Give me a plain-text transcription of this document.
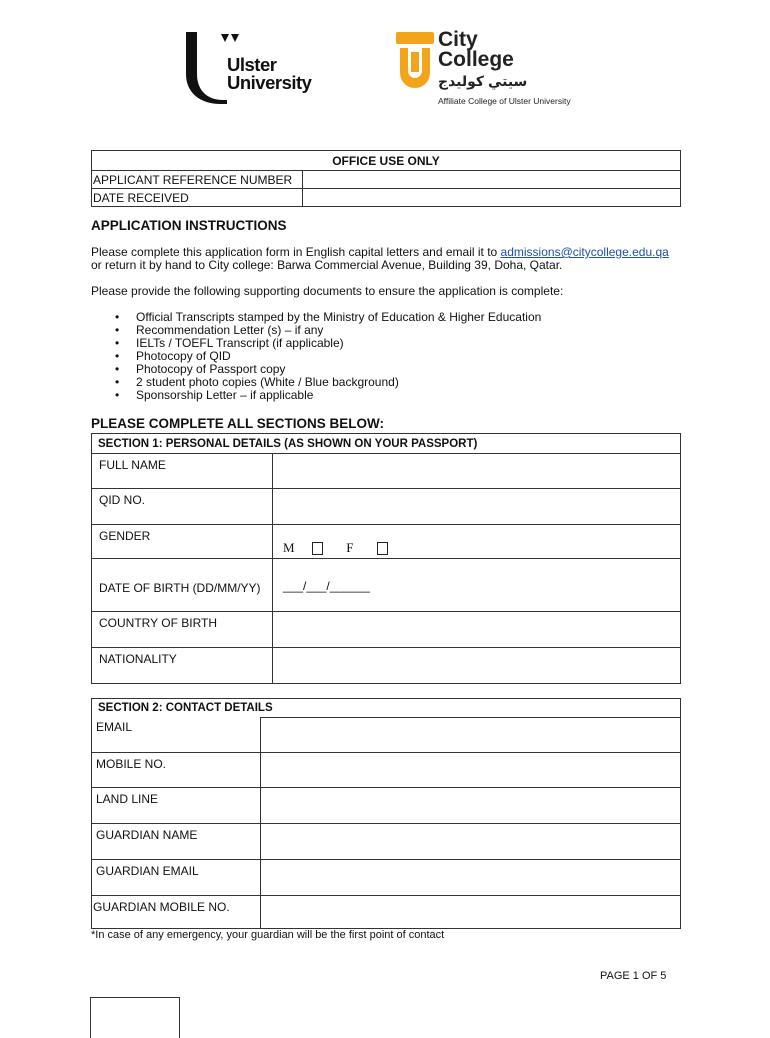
Ulster
University
City
College
سيتي كوليدج
Affiliate College of Ulster University
OFFICE USE ONLY	
APPLICANT REFERENCE NUMBER	
DATE RECEIVED	
APPLICATION INSTRUCTIONS
Please complete this application form in English capital letters and email it to admissions@citycollege.edu.qa
or return it by hand to City college: Barwa Commercial Avenue, Building 39, Doha, Qatar.
Please provide the following supporting documents to ensure the application is complete:
• Official Transcripts stamped by the Ministry of Education & Higher Education
• Recommendation Letter (s) – if any
• IELTs / TOEFL Transcript (if applicable)
• Photocopy of QID
• Photocopy of Passport copy
• 2 student photo copies (White / Blue background)
• Sponsorship Letter – if applicable
PLEASE COMPLETE ALL SECTIONS BELOW:
SECTION 1: PERSONAL DETAILS (AS SHOWN ON YOUR PASSPORT)	
FULL NAME	
QID NO.	
GENDER	M F
DATE OF BIRTH (DD/MM/YY)	___/___/______
COUNTRY OF BIRTH	
NATIONALITY	
SECTION 2: CONTACT DETAILS	
EMAIL	
MOBILE NO.	
LAND LINE	
GUARDIAN NAME	
GUARDIAN EMAIL	
GUARDIAN MOBILE NO.	
*In case of any emergency, your guardian will be the first point of contact
PAGE 1 OF 5
